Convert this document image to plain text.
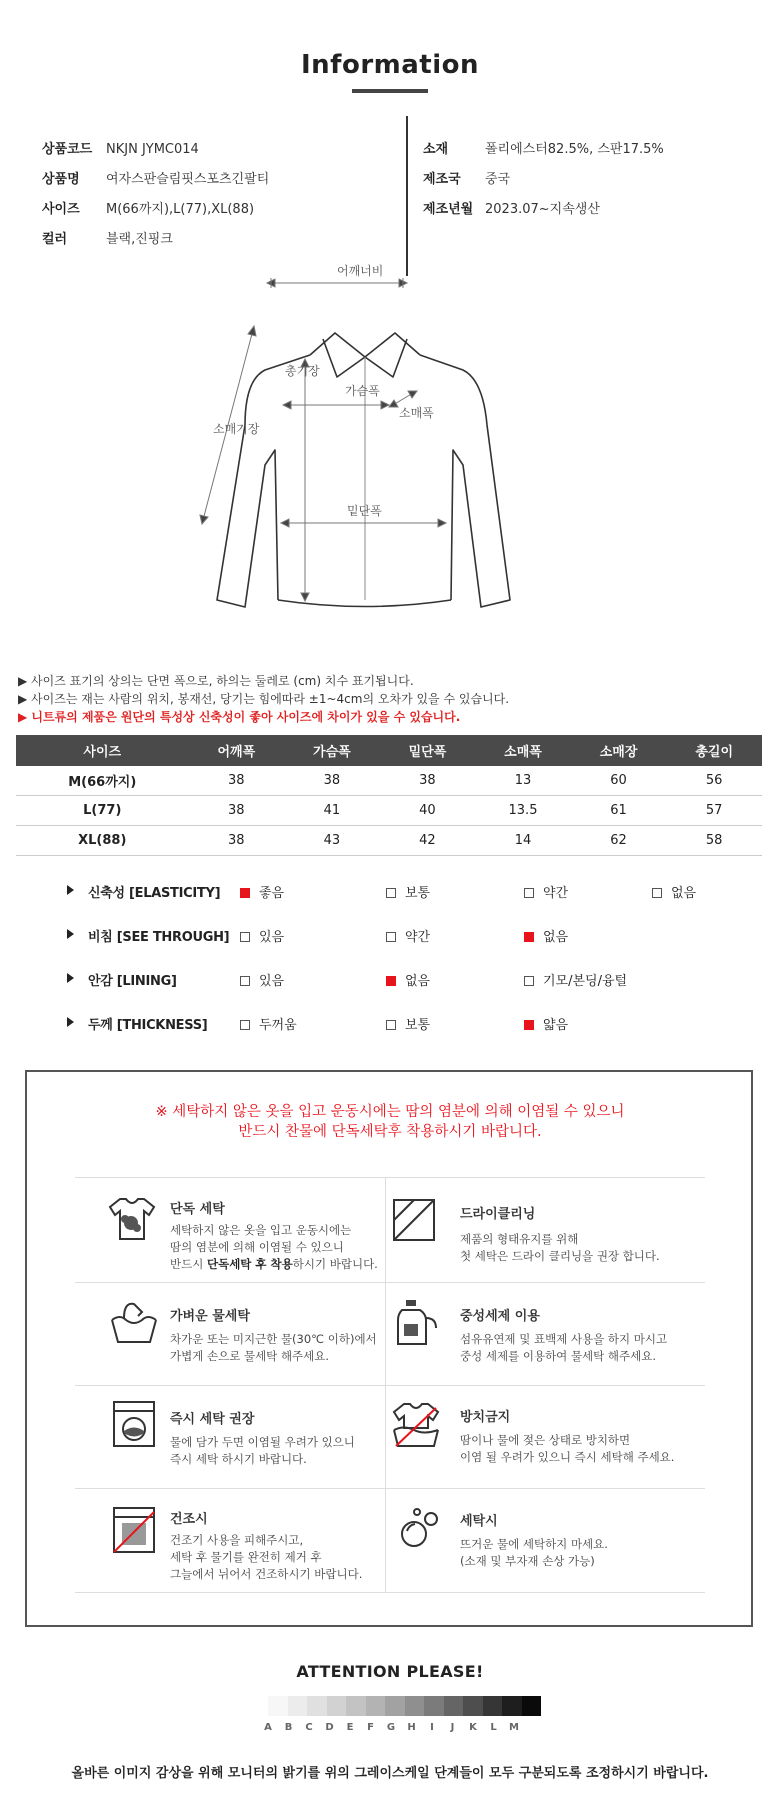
Information
상품코드 NKJN JYMC014
상품명 여자스판슬림핏스포츠긴팔티
사이즈 M(66까지),L(77),XL(88)
컬러	블랙,진핑크
소재	폴리에스터82.5%, 스판17.5%
제조국 중국
제조년월 2023.07~지속생산
어깨너비
총기장
가슴폭
소매폭
소매기장
밑단폭
▶ 사이즈 표기의 상의는 단면 폭으로, 하의는 둘레로 (cm) 치수 표기됩니다.
▶ 사이즈는 재는 사람의 위치, 봉재선, 당기는 힘에따라 ±1~4cm의 오차가 있을 수 있습니다.
▶ 니트류의 제품은 원단의 특성상 신축성이 좋아 사이즈에 차이가 있을 수 있습니다.
사이즈	어깨폭	가슴폭	밑단폭	소매폭	소매장	총길이
M(66까지)	38	38	38	13	60	56
L(77)	38	41	40	13.5	61	57
XL(88)	38	43	42	14	62	58
신축성 [ELASTICITY]	좋음	보통	약간	없음
비침 [SEE THROUGH]	있음	약간	없음
안감 [LINING]	있음	없음	기모/본딩/융털
두께 [THICKNESS]	두꺼움	보통	얇음
※ 세탁하지 않은 옷을 입고 운동시에는 땀의 염분에 의해 이염될 수 있으니
반드시 찬물에 단독세탁후 착용하시기 바랍니다.
단독 세탁
세탁하지 않은 옷을 입고 운동시에는
땀의 염분에 의해 이염될 수 있으니
반드시 단독세탁 후 착용하시기 바랍니다.
드라이클리닝
제품의 형태유지를 위해
첫 세탁은 드라이 클리닝을 권장 합니다.
가벼운 물세탁
차가운 또는 미지근한 물(30℃ 이하)에서
가볍게 손으로 물세탁 해주세요.
중성세제 이용
섬유유연제 및 표백제 사용을 하지 마시고
중성 세제를 이용하여 물세탁 해주세요.
즉시 세탁 권장
물에 담가 두면 이염될 우려가 있으니
즉시 세탁 하시기 바랍니다.
방치금지
땀이나 물에 젖은 상태로 방치하면
이염 될 우려가 있으니 즉시 세탁해 주세요.
건조시
건조기 사용을 피해주시고,
세탁 후 물기를 완전히 제거 후
그늘에서 뉘어서 건조하시기 바랍니다.
세탁시
뜨거운 물에 세탁하지 마세요.
(소재 및 부자재 손상 가능)
ATTENTION PLEASE!
A	B	C	D	E	F	G	H	I	J	K	L	M
올바른 이미지 감상을 위해 모니터의 밝기를 위의 그레이스케일 단계들이 모두 구분되도록 조정하시기 바랍니다.
